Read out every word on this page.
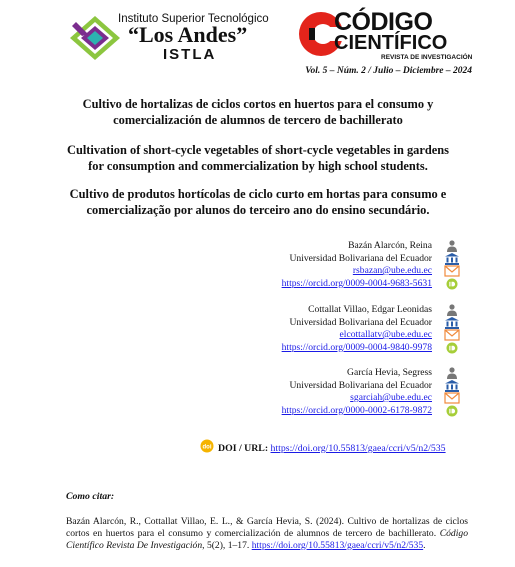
Instituto Superior Tecnológico
“Los Andes”
ISTLA
CÓDIGO
CIENTÍFICO
REVISTA DE INVESTIGACIÓN
Vol. 5 – Núm. 2 / Julio – Diciembre – 2024
Cultivo de hortalizas de ciclos cortos en huertos para el consumo y comercialización de alumnos de tercero de bachillerato
Cultivation of short-cycle vegetables of short-cycle vegetables in gardens for consumption and commercialization by high school students.
Cultivo de produtos hortícolas de ciclo curto em hortas para consumo e comercialização por alunos do terceiro ano do ensino secundário.
Bazán Alarcón, Reina
Universidad Bolivariana del Ecuador
rsbazan@ube.edu.ec
https://orcid.org/0009-0004-9683-5631
Cottallat Villao, Edgar Leonidas
Universidad Bolivariana del Ecuador
elcottallatv@ube.edu.ec
https://orcid.org/0009-0004-9840-9978
García Hevia, Segress
Universidad Bolivariana del Ecuador
sgarciah@ube.edu.ec
https://orcid.org/0000-0002-6178-9872
doi DOI / URL: https://doi.org/10.55813/gaea/ccri/v5/n2/535
Como citar:
Bazán Alarcón, R., Cottallat Villao, E. L., & García Hevia, S. (2024). Cultivo de hortalizas de ciclos cortos en huertos para el consumo y comercialización de alumnos de tercero de bachillerato. Código Científico Revista De Investigación, 5(2), 1–17. https://doi.org/10.55813/gaea/ccri/v5/n2/535.
